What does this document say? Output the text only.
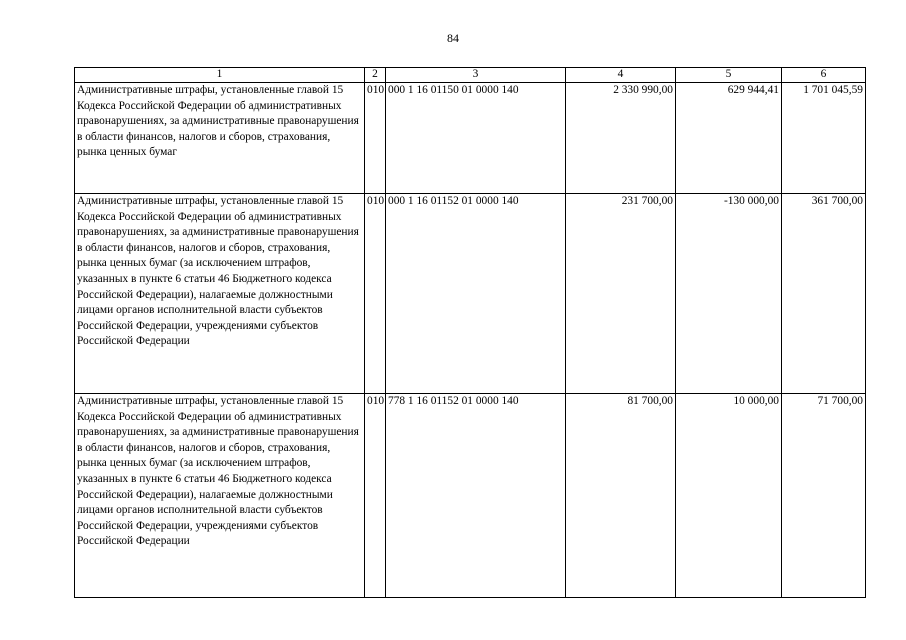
84
1	2	3	4	5	6
Административные штрафы, установленные главой 15 Кодекса Российской Федерации об административных правонарушениях, за административные правонарушения в области финансов, налогов и сборов, страхования, рынка ценных бумаг	010	000 1 16 01150 01 0000 140	2 330 990,00	629 944,41	1 701 045,59
Административные штрафы, установленные главой 15 Кодекса Российской Федерации об административных правонарушениях, за административные правонарушения в области финансов, налогов и сборов, страхования, рынка ценных бумаг (за исключением штрафов, указанных в пункте 6 статьи 46 Бюджетного кодекса Российской Федерации), налагаемые должностными лицами органов исполнительной власти субъектов Российской Федерации, учреждениями субъектов Российской Федерации	010	000 1 16 01152 01 0000 140	231 700,00	-130 000,00	361 700,00
Административные штрафы, установленные главой 15 Кодекса Российской Федерации об административных правонарушениях, за административные правонарушения в области финансов, налогов и сборов, страхования, рынка ценных бумаг (за исключением штрафов, указанных в пункте 6 статьи 46 Бюджетного кодекса Российской Федерации), налагаемые должностными лицами органов исполнительной власти субъектов Российской Федерации, учреждениями субъектов Российской Федерации	010	778 1 16 01152 01 0000 140	81 700,00	10 000,00	71 700,00
